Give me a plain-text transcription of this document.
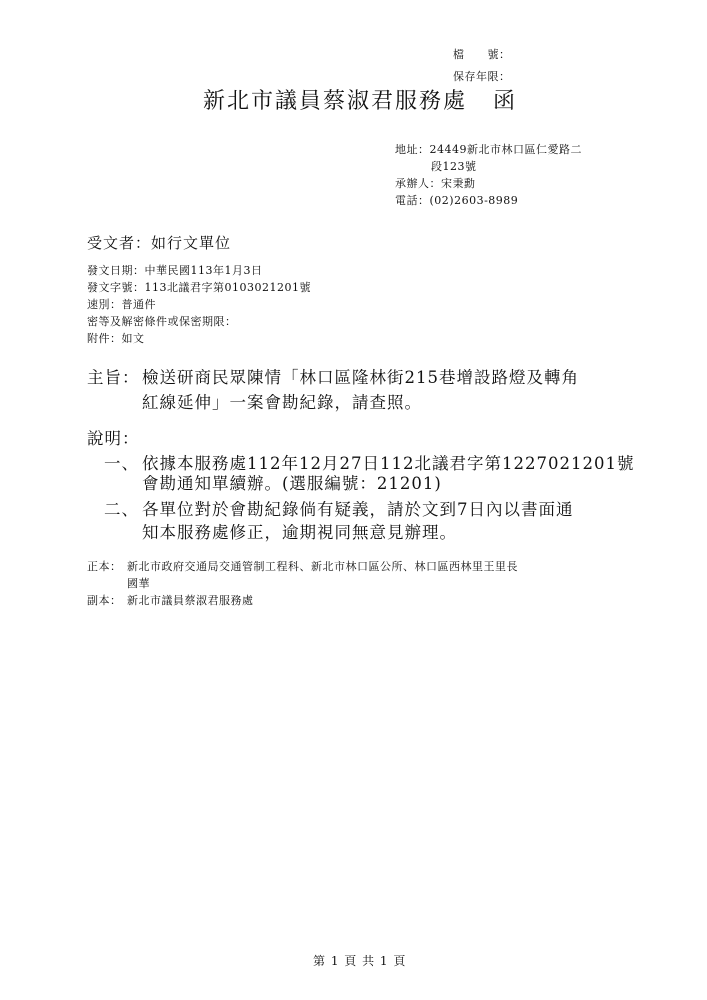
檔　　號：
保存年限：
新北市議員蔡淑君服務處 函
地址：24449新北市林口區仁愛路二
段123號
承辦人：宋秉勳
電話：(02)2603-8989
受文者：如行文單位
發文日期：中華民國113年1月3日
發文字號：113北議君字第0103021201號
速別：普通件
密等及解密條件或保密期限：
附件：如文
主旨： 檢送研商民眾陳情「林口區隆林街215巷增設路燈及轉角
紅線延伸」一案會勘紀錄，請查照。
說明：
一、 依據本服務處112年12月27日112北議君字第1227021201號
會勘通知單續辦。(選服編號：21201)
二、 各單位對於會勘紀錄倘有疑義，請於文到7日內以書面通
知本服務處修正，逾期視同無意見辦理。
正本： 新北市政府交通局交通管制工程科、新北市林口區公所、林口區西林里王里長
國華
副本： 新北市議員蔡淑君服務處
第 1 頁 共 1 頁
